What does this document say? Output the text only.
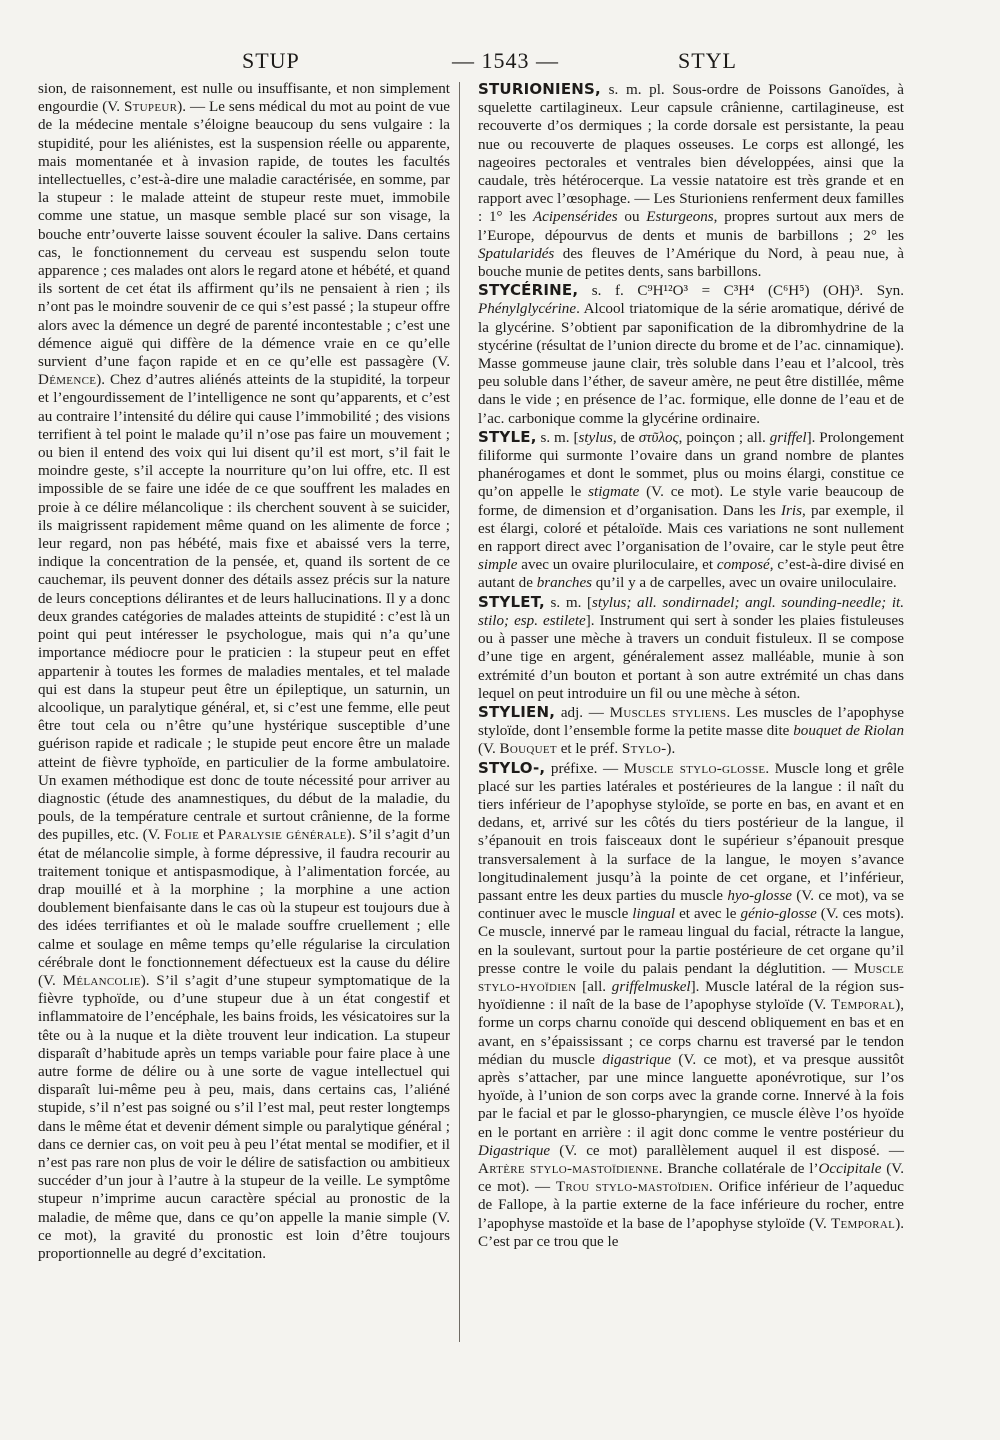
STUP	— 1543 —	STYL

sion, de raisonnement, est nulle ou insuffisante, et non simplement engourdie (V. Stupeur). — Le sens médical du mot au point de vue de la médecine mentale s’éloigne beaucoup du sens vulgaire : la stupidité, pour les aliénistes, est la suspension réelle ou apparente, mais momentanée et à invasion rapide, de toutes les facultés intellectuelles, c’est-à-dire une maladie caractérisée, en somme, par la stupeur : le malade atteint de stupeur reste muet, immobile comme une statue, un masque semble placé sur son visage, la bouche entr’ouverte laisse souvent écouler la salive. Dans certains cas, le fonctionnement du cerveau est suspendu selon toute apparence ; ces malades ont alors le regard atone et hébété, et quand ils sortent de cet état ils affirment qu’ils ne pensaient à rien ; ils n’ont pas le moindre souvenir de ce qui s’est passé ; la stupeur offre alors avec la démence un degré de parenté incontestable ; c’est une démence aiguë qui diffère de la démence vraie en ce qu’elle survient d’une façon rapide et en ce qu’elle est passagère (V. Démence). Chez d’autres aliénés atteints de la stupidité, la torpeur et l’engourdissement de l’intelligence ne sont qu’apparents, et c’est au contraire l’intensité du délire qui cause l’immobilité ; des visions terrifient à tel point le malade qu’il n’ose pas faire un mouvement ; ou bien il entend des voix qui lui disent qu’il est mort, s’il fait le moindre geste, s’il accepte la nourriture qu’on lui offre, etc. Il est impossible de se faire une idée de ce que souffrent les malades en proie à ce délire mélancolique : ils cherchent souvent à se suicider, ils maigrissent rapidement même quand on les alimente de force ; leur regard, non pas hébété, mais fixe et abaissé vers la terre, indique la concentration de la pensée, et, quand ils sortent de ce cauchemar, ils peuvent donner des détails assez précis sur la nature de leurs conceptions délirantes et de leurs hallucinations. Il y a donc deux grandes catégories de malades atteints de stupidité : c’est là un point qui peut intéresser le psychologue, mais qui n’a qu’une importance médiocre pour le praticien : la stupeur peut en effet appartenir à toutes les formes de maladies mentales, et tel malade qui est dans la stupeur peut être un épileptique, un saturnin, un alcoolique, un paralytique général, et, si c’est une femme, elle peut être tout cela ou n’être qu’une hystérique susceptible d’une guérison rapide et radicale ; le stupide peut encore être un malade atteint de fièvre typhoïde, en particulier de la forme ambulatoire. Un examen méthodique est donc de toute nécessité pour arriver au diagnostic (étude des anamnestiques, du début de la maladie, du pouls, de la température centrale et surtout crânienne, de la forme des pupilles, etc. (V. Folie et Paralysie générale). S’il s’agit d’un état de mélancolie simple, à forme dépressive, il faudra recourir au traitement tonique et antispasmodique, à l’alimentation forcée, au drap mouillé et à la morphine ; la morphine a une action doublement bienfaisante dans le cas où la stupeur est toujours due à des idées terrifiantes et où le malade souffre cruellement ; elle calme et soulage en même temps qu’elle régularise la circulation cérébrale dont le fonctionnement défectueux est la cause du délire (V. Mélancolie). S’il s’agit d’une stupeur symptomatique de la fièvre typhoïde, ou d’une stupeur due à un état congestif et inflammatoire de l’encéphale, les bains froids, les vésicatoires sur la tête ou à la nuque et la diète trouvent leur indication. La stupeur disparaît d’habitude après un temps variable pour faire place à une autre forme de délire ou à une sorte de vague intellectuel qui disparaît lui-même peu à peu, mais, dans certains cas, l’aliéné stupide, s’il n’est pas soigné ou s’il l’est mal, peut rester longtemps dans le même état et devenir dément simple ou paralytique général ; dans ce dernier cas, on voit peu à peu l’état mental se modifier, et il n’est pas rare non plus de voir le délire de satisfaction ou ambitieux succéder d’un jour à l’autre à la stupeur de la veille. Le symptôme stupeur n’imprime aucun caractère spécial au pronostic de la maladie, de même que, dans ce qu’on appelle la manie simple (V. ce mot), la gravité du pronostic est loin d’être toujours proportionnelle au degré d’excitation.

STURIONIENS, s. m. pl. Sous-ordre de Poissons Ganoïdes, à squelette cartilagineux. Leur capsule crânienne, cartilagineuse, est recouverte d’os dermiques ; la corde dorsale est persistante, la peau nue ou recouverte de plaques osseuses. Le corps est allongé, les nageoires pectorales et ventrales bien développées, ainsi que la caudale, très hétérocerque. La vessie natatoire est très grande et en rapport avec l’œsophage. — Les Sturioniens renferment deux familles : 1° les Acipensérides ou Esturgeons, propres surtout aux mers de l’Europe, dépourvus de dents et munis de barbillons ; 2° les Spatularidés des fleuves de l’Amérique du Nord, à peau nue, à bouche munie de petites dents, sans barbillons.

STYCÉRINE, s. f. C⁹H¹²O³ = C³H⁴ (C⁶H⁵) (OH)³. Syn. Phénylglycérine. Alcool triatomique de la série aromatique, dérivé de la glycérine. S’obtient par saponification de la dibromhydrine de la stycérine (résultat de l’union directe du brome et de l’ac. cinnamique). Masse gommeuse jaune clair, très soluble dans l’eau et l’alcool, très peu soluble dans l’éther, de saveur amère, ne peut être distillée, même dans le vide ; en présence de l’ac. formique, elle donne de l’eau et de l’ac. carbonique comme la glycérine ordinaire.

STYLE, s. m. [stylus, de στῦλος, poinçon ; all. griffel]. Prolongement filiforme qui surmonte l’ovaire dans un grand nombre de plantes phanérogames et dont le sommet, plus ou moins élargi, constitue ce qu’on appelle le stigmate (V. ce mot). Le style varie beaucoup de forme, de dimension et d’organisation. Dans les Iris, par exemple, il est élargi, coloré et pétaloïde. Mais ces variations ne sont nullement en rapport direct avec l’organisation de l’ovaire, car le style peut être simple avec un ovaire pluriloculaire, et composé, c’est-à-dire divisé en autant de branches qu’il y a de carpelles, avec un ovaire uniloculaire.

STYLET, s. m. [stylus; all. sondirnadel; angl. sounding-needle; it. stilo; esp. estilete]. Instrument qui sert à sonder les plaies fistuleuses ou à passer une mèche à travers un conduit fistuleux. Il se compose d’une tige en argent, généralement assez malléable, munie à son extrémité d’un bouton et portant à son autre extrémité un chas dans lequel on peut introduire un fil ou une mèche à séton.

STYLIEN, adj. — Muscles styliens. Les muscles de l’apophyse styloïde, dont l’ensemble forme la petite masse dite bouquet de Riolan (V. Bouquet et le préf. Stylo-).

STYLO-, préfixe. — Muscle stylo-glosse. Muscle long et grêle placé sur les parties latérales et postérieures de la langue : il naît du tiers inférieur de l’apophyse styloïde, se porte en bas, en avant et en dedans, et, arrivé sur les côtés du tiers postérieur de la langue, il s’épanouit en trois faisceaux dont le supérieur s’épanouit presque transversalement à la surface de la langue, le moyen s’avance longitudinalement jusqu’à la pointe de cet organe, et l’inférieur, passant entre les deux parties du muscle hyo-glosse (V. ce mot), va se continuer avec le muscle lingual et avec le génio-glosse (V. ces mots). Ce muscle, innervé par le rameau lingual du facial, rétracte la langue, en la soulevant, surtout pour la partie postérieure de cet organe qu’il presse contre le voile du palais pendant la déglutition. — Muscle stylo-hyoïdien [all. griffelmuskel]. Muscle latéral de la région sus-hyoïdienne : il naît de la base de l’apophyse styloïde (V. Temporal), forme un corps charnu conoïde qui descend obliquement en bas et en avant, en s’épaississant ; ce corps charnu est traversé par le tendon médian du muscle digastrique (V. ce mot), et va presque aussitôt après s’attacher, par une mince languette aponévrotique, sur l’os hyoïde, à l’union de son corps avec la grande corne. Innervé à la fois par le facial et par le glosso-pharyngien, ce muscle élève l’os hyoïde en le portant en arrière : il agit donc comme le ventre postérieur du Digastrique (V. ce mot) parallèlement auquel il est disposé. — Artère stylo-mastoïdienne. Branche collatérale de l’Occipitale (V. ce mot). — Trou stylo-mastoïdien. Orifice inférieur de l’aqueduc de Fallope, à la partie externe de la face inférieure du rocher, entre l’apophyse mastoïde et la base de l’apophyse styloïde (V. Temporal). C’est par ce trou que le
